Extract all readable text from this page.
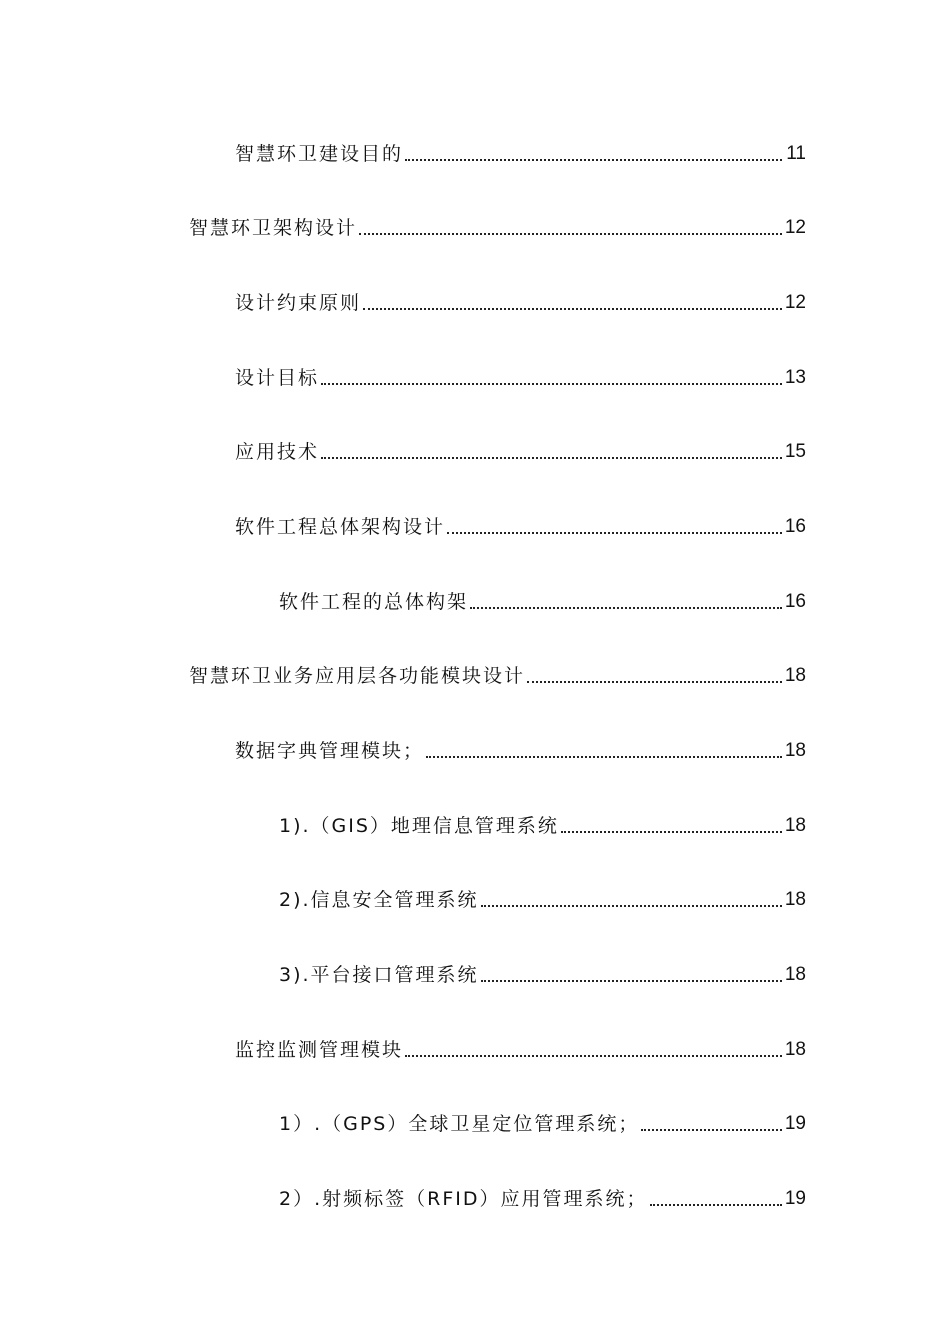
智慧环卫建设目的	11
智慧环卫架构设计	12
设计约束原则	12
设计目标	13
应用技术	15
软件工程总体架构设计	16
软件工程的总体构架	16
智慧环卫业务应用层各功能模块设计	18
数据字典管理模块；	18
1).（GIS）地理信息管理系统	18
2).信息安全管理系统	18
3).平台接口管理系统	18
监控监测管理模块	18
1）.（GPS）全球卫星定位管理系统；	19
2）.射频标签（RFID）应用管理系统；	19
